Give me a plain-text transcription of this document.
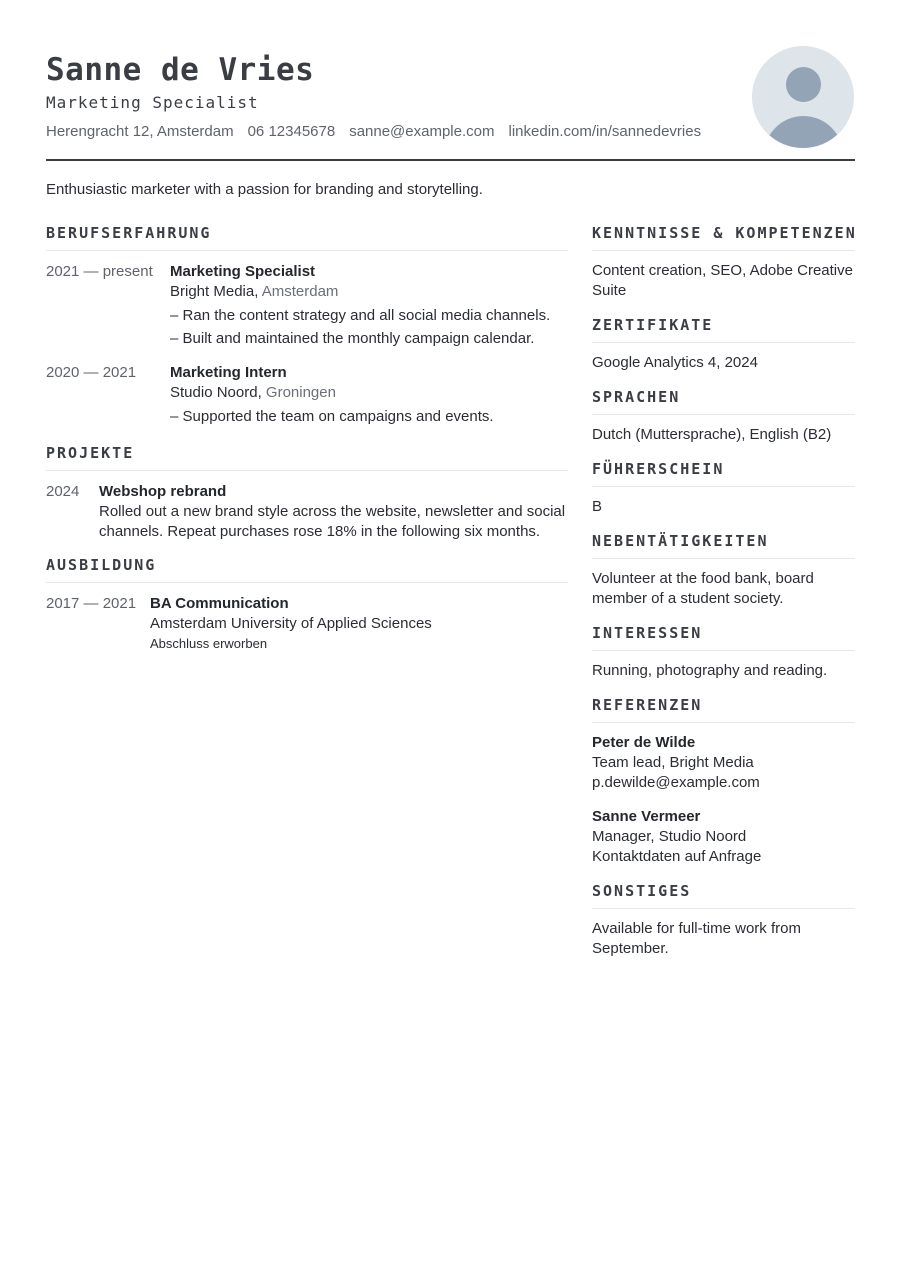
Sanne de Vries
Marketing Specialist
Herengracht 12, Amsterdam 06 12345678 sanne@example.com linkedin.com/in/sannedevries
Enthusiastic marketer with a passion for branding and storytelling.
BERUFSERFAHRUNG
2021 — present	Marketing Specialist
Bright Media, Amsterdam
– Ran the content strategy and all social media channels.
– Built and maintained the monthly campaign calendar.
2020 — 2021	Marketing Intern
Studio Noord, Groningen
– Supported the team on campaigns and events.
PROJEKTE
2024	Webshop rebrand
Rolled out a new brand style across the website, newsletter and social channels. Repeat purchases rose 18% in the following six months.
AUSBILDUNG
2017 — 2021 BA Communication
Amsterdam University of Applied Sciences
Abschluss erworben
KENNTNISSE & KOMPETENZEN
Content creation, SEO, Adobe Creative Suite
ZERTIFIKATE
Google Analytics 4, 2024
SPRACHEN
Dutch (Muttersprache), English (B2)
FÜHRERSCHEIN
B
NEBENTÄTIGKEITEN
Volunteer at the food bank, board member of a student society.
INTERESSEN
Running, photography and reading.
REFERENZEN
Peter de Wilde
Team lead, Bright Media
p.dewilde@example.com
Sanne Vermeer
Manager, Studio Noord
Kontaktdaten auf Anfrage
SONSTIGES
Available for full-time work from September.
